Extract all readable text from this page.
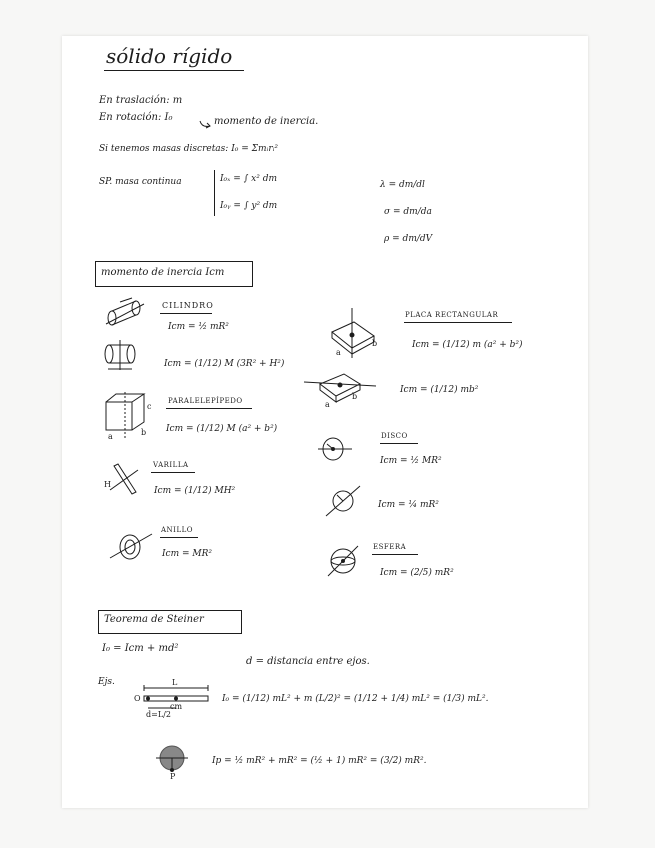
sólido rígido
En traslación: m
En rotación: I₀	momento de inercia.
Si tenemos masas discretas: I₀ = Σmᵢrᵢ²
SP. masa continua	I₀ₓ = ∫ x² dm
I₀ᵧ = ∫ y² dm
λ = dm/dl
σ = dm/da
ρ = dm/dV
momento de inercia Icm
CILINDRO
Icm = ½ mR²
Icm = (1/12) M (3R² + H²)
a
b
PLACA RECTANGULAR
Icm = (1/12) m (a² + b²)
a
b
Icm = (1/12) mb²
a	b
c
PARALELEPÍPEDO
Icm = (1/12) M (a² + b²)
DISCO
Icm = ½ MR²
Icm = ¼ mR²
H
VARILLA
Icm = (1/12) MH²
ANILLO
Icm = MR²
ESFERA
Icm = (2/5) mR²
Teorema de Steiner
I₀ = Icm + md²
d = distancia entre ejos.
Ejs.	L
O
cm
d=L/2
I₀ = (1/12) mL² + m (L/2)² = (1/12 + 1/4) mL² = (1/3) mL².
P
Ip = ½ mR² + mR² = (½ + 1) mR² = (3/2) mR².
